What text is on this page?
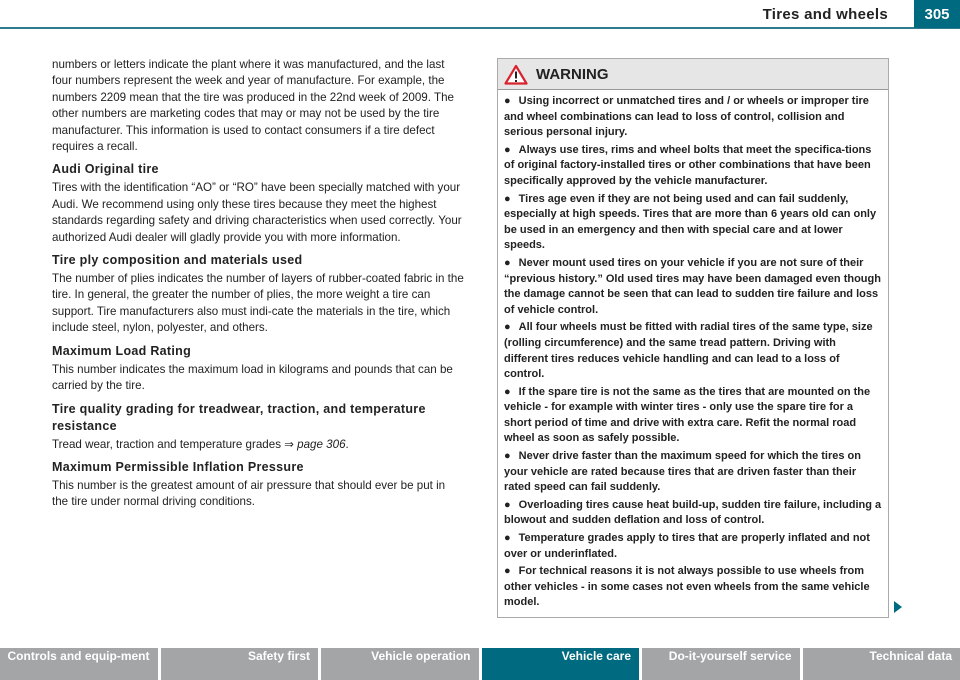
Tires and wheels	305

numbers or letters indicate the plant where it was manufactured, and the last four numbers represent the week and year of manufacture. For example, the numbers 2209 mean that the tire was produced in the 22nd week of 2009. The other numbers are marketing codes that may or may not be used by the tire manufacturer. This information is used to contact consumers if a tire defect requires a recall.

Audi Original tire

Tires with the identification “AO” or “RO” have been specially matched with your Audi. We recommend using only these tires because they meet the highest standards regarding safety and driving characteristics when used correctly. Your authorized Audi dealer will gladly provide you with more information.

Tire ply composition and materials used

The number of plies indicates the number of layers of rubber-coated fabric in the tire. In general, the greater the number of plies, the more weight a tire can support. Tire manufacturers also must indi-cate the materials in the tire, which include steel, nylon, polyester, and others.

Maximum Load Rating

This number indicates the maximum load in kilograms and pounds that can be carried by the tire.

Tire quality grading for treadwear, traction, and temperature resistance

Tread wear, traction and temperature grades ⇒ page 306.

Maximum Permissible Inflation Pressure

This number is the greatest amount of air pressure that should ever be put in the tire under normal driving conditions.

WARNING

● Using incorrect or unmatched tires and / or wheels or improper tire and wheel combinations can lead to loss of control, collision and serious personal injury.

● Always use tires, rims and wheel bolts that meet the specifica-tions of original factory-installed tires or other combinations that have been specifically approved by the vehicle manufacturer.

● Tires age even if they are not being used and can fail suddenly, especially at high speeds. Tires that are more than 6 years old can only be used in an emergency and then with special care and at lower speeds.

● Never mount used tires on your vehicle if you are not sure of their “previous history.” Old used tires may have been damaged even though the damage cannot be seen that can lead to sudden tire failure and loss of vehicle control.

● All four wheels must be fitted with radial tires of the same type, size (rolling circumference) and the same tread pattern. Driving with different tires reduces vehicle handling and can lead to a loss of control.

● If the spare tire is not the same as the tires that are mounted on the vehicle - for example with winter tires - only use the spare tire for a short period of time and drive with extra care. Refit the normal road wheel as soon as safely possible.

● Never drive faster than the maximum speed for which the tires on your vehicle are rated because tires that are driven faster than their rated speed can fail suddenly.

● Overloading tires cause heat build-up, sudden tire failure, including a blowout and sudden deflation and loss of control.

● Temperature grades apply to tires that are properly inflated and not over or underinflated.

● For technical reasons it is not always possible to use wheels from other vehicles - in some cases not even wheels from the same vehicle model.

Controls and equip-ment	Safety first	Vehicle operation	Vehicle care	Do-it-yourself service	Technical data
